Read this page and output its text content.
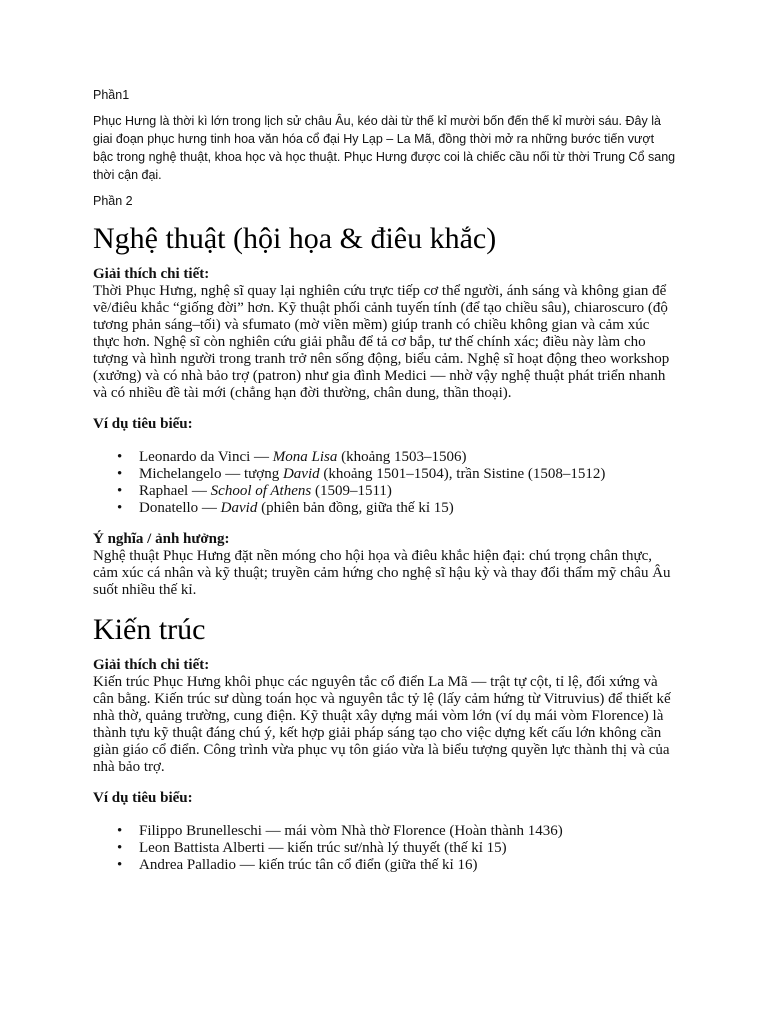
Phần1

Phục Hưng là thời kì lớn trong lịch sử châu Âu, kéo dài từ thế kỉ mười bốn đến thế kỉ mười sáu. Đây là giai đoạn phục hưng tinh hoa văn hóa cổ đại Hy Lạp – La Mã, đồng thời mở ra những bước tiến vượt bậc trong nghệ thuật, khoa học và học thuật. Phục Hưng được coi là chiếc cầu nối từ thời Trung Cổ sang thời cận đại.

Phần 2

Nghệ thuật (hội họa & điêu khắc)
Giải thích chi tiết:
Thời Phục Hưng, nghệ sĩ quay lại nghiên cứu trực tiếp cơ thể người, ánh sáng và không gian để vẽ/điêu khắc “giống đời” hơn. Kỹ thuật phối cảnh tuyến tính (để tạo chiều sâu), chiaroscuro (độ tương phản sáng–tối) và sfumato (mờ viền mềm) giúp tranh có chiều không gian và cảm xúc thực hơn. Nghệ sĩ còn nghiên cứu giải phẫu để tả cơ bắp, tư thế chính xác; điều này làm cho tượng và hình người trong tranh trở nên sống động, biểu cảm. Nghệ sĩ hoạt động theo workshop (xưởng) và có nhà bảo trợ (patron) như gia đình Medici — nhờ vậy nghệ thuật phát triển nhanh và có nhiều đề tài mới (chẳng hạn đời thường, chân dung, thần thoại).
Ví dụ tiêu biểu:
• Leonardo da Vinci — Mona Lisa (khoảng 1503–1506)
• Michelangelo — tượng David (khoảng 1501–1504), trần Sistine (1508–1512)
• Raphael — School of Athens (1509–1511)
• Donatello — David (phiên bản đồng, giữa thế kỉ 15)
Ý nghĩa / ảnh hưởng:
Nghệ thuật Phục Hưng đặt nền móng cho hội họa và điêu khắc hiện đại: chú trọng chân thực, cảm xúc cá nhân và kỹ thuật; truyền cảm hứng cho nghệ sĩ hậu kỳ và thay đổi thẩm mỹ châu Âu suốt nhiều thế kỉ.
Kiến trúc
Giải thích chi tiết:
Kiến trúc Phục Hưng khôi phục các nguyên tắc cổ điển La Mã — trật tự cột, tỉ lệ, đối xứng và cân bằng. Kiến trúc sư dùng toán học và nguyên tắc tỷ lệ (lấy cảm hứng từ Vitruvius) để thiết kế nhà thờ, quảng trường, cung điện. Kỹ thuật xây dựng mái vòm lớn (ví dụ mái vòm Florence) là thành tựu kỹ thuật đáng chú ý, kết hợp giải pháp sáng tạo cho việc dựng kết cấu lớn không cần giàn giáo cổ điển. Công trình vừa phục vụ tôn giáo vừa là biểu tượng quyền lực thành thị và của nhà bảo trợ.
Ví dụ tiêu biểu:
• Filippo Brunelleschi — mái vòm Nhà thờ Florence (Hoàn thành 1436)
• Leon Battista Alberti — kiến trúc sư/nhà lý thuyết (thế kỉ 15)
• Andrea Palladio — kiến trúc tân cổ điển (giữa thế kỉ 16)
